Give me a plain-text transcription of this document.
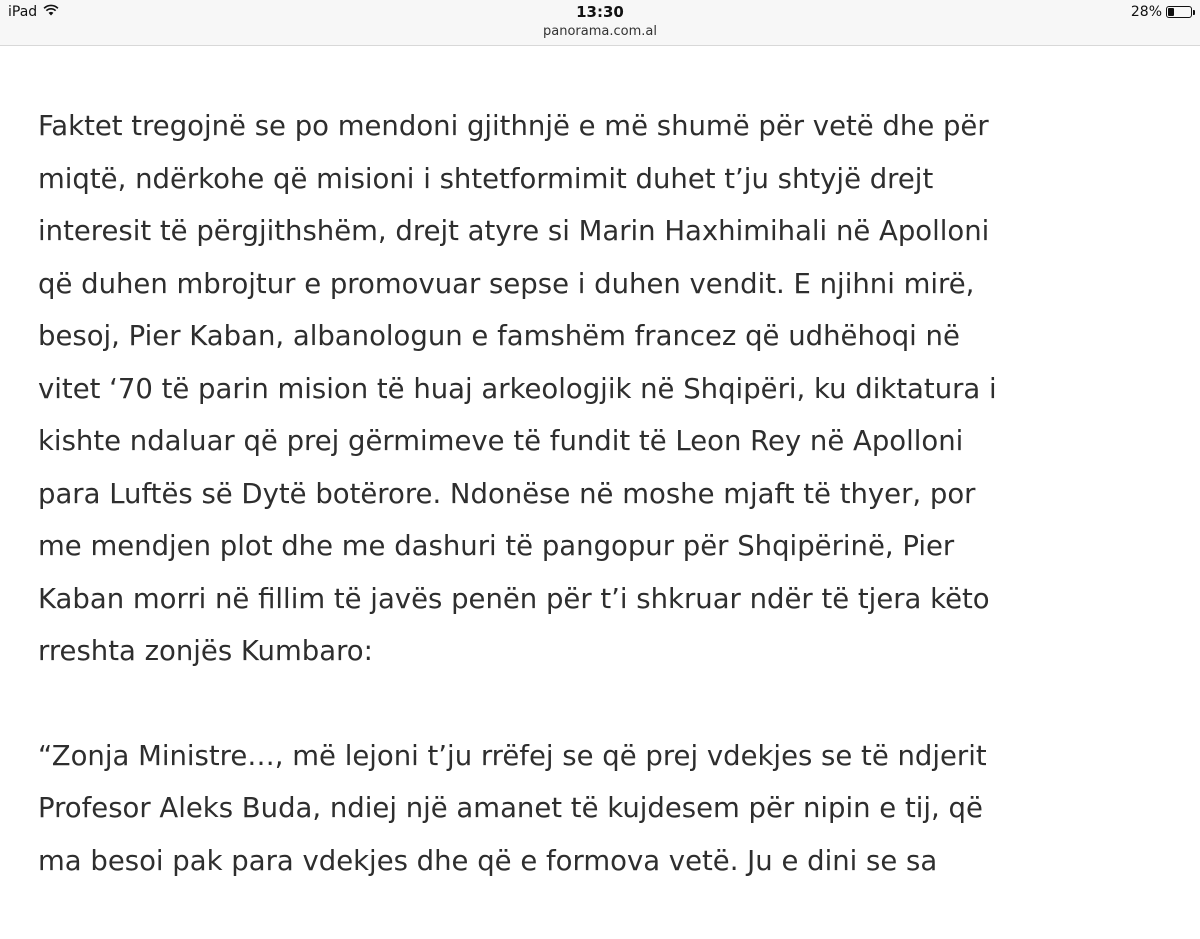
iPad	13:30	28%
panorama.com.al

Faktet tregojnë se po mendoni gjithnjë e më shumë për vetë dhe për
miqtë, ndërkohe që misioni i shtetformimit duhet t’ju shtyjë drejt
interesit të përgjithshëm, drejt atyre si Marin Haxhimihali në Apolloni
që duhen mbrojtur e promovuar sepse i duhen vendit. E njihni mirë,
besoj, Pier Kaban, albanologun e famshëm francez që udhëhoqi në
vitet ‘70 të parin mision të huaj arkeologjik në Shqipëri, ku diktatura i
kishte ndaluar që prej gërmimeve të fundit të Leon Rey në Apolloni
para Luftës së Dytë botërore. Ndonëse në moshe mjaft të thyer, por
me mendjen plot dhe me dashuri të pangopur për Shqipërinë, Pier
Kaban morri në fillim të javës penën për t’i shkruar ndër të tjera këto
rreshta zonjës Kumbaro:

“Zonja Ministre…, më lejoni t’ju rrëfej se që prej vdekjes se të ndjerit
Profesor Aleks Buda, ndiej një amanet të kujdesem për nipin e tij, që
ma besoi pak para vdekjes dhe që e formova vetë. Ju e dini se sa
